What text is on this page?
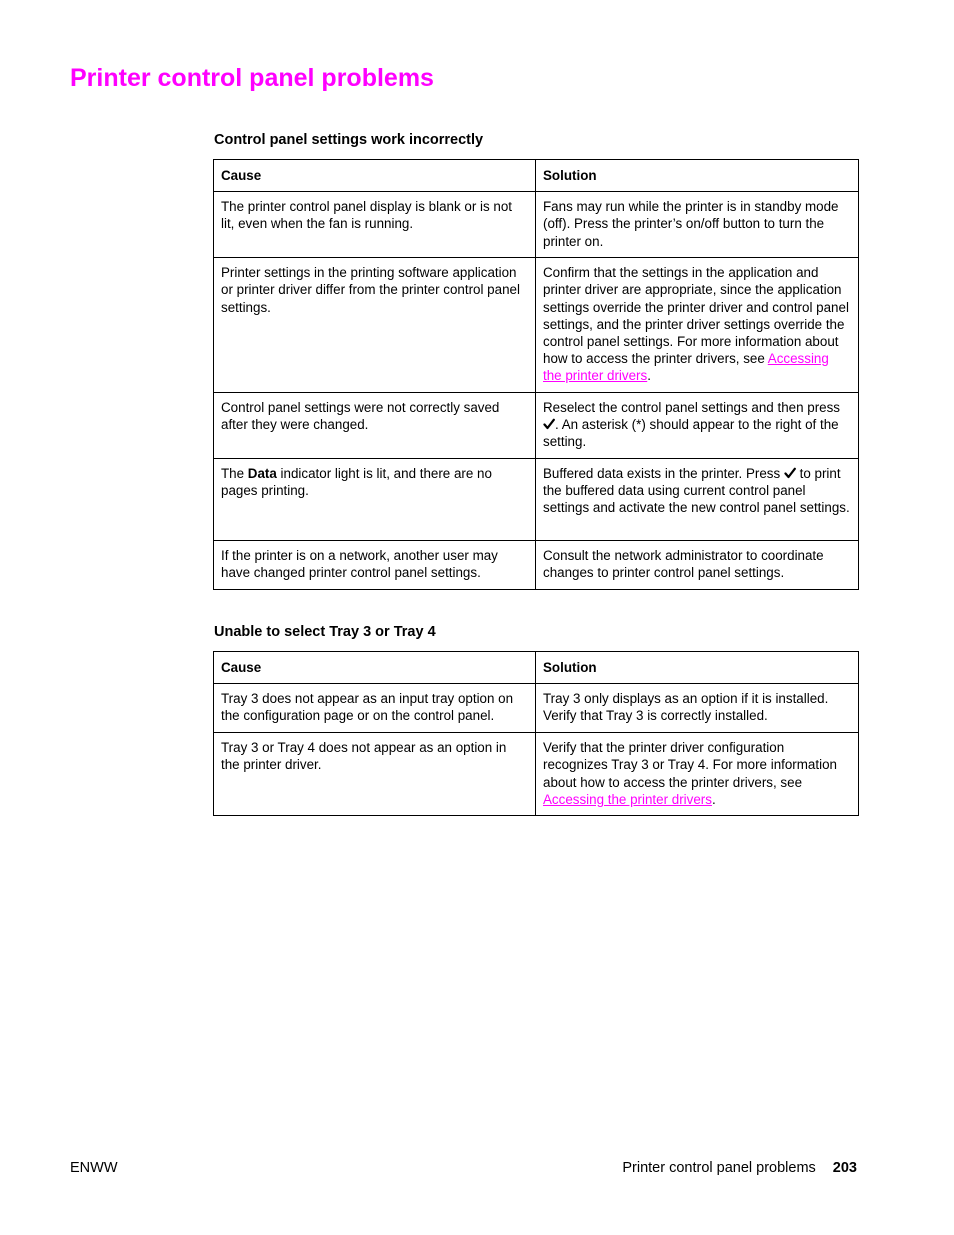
Printer control panel problems
Control panel settings work incorrectly
Cause	Solution
The printer control panel display is blank or is not lit, even when the fan is running.	Fans may run while the printer is in standby mode (off). Press the printer’s on/off button to turn the printer on.
Printer settings in the printing software application or printer driver differ from the printer control panel settings.	Confirm that the settings in the application and printer driver are appropriate, since the application settings override the printer driver and control panel settings, and the printer driver settings override the control panel settings. For more information about how to access the printer drivers, see Accessing the printer drivers.
Control panel settings were not correctly saved after they were changed.	Reselect the control panel settings and then press . An asterisk (*) should appear to the right of the setting.
The Data indicator light is lit, and there are no pages printing.	Buffered data exists in the printer. Press  to print the buffered data using current control panel settings and activate the new control panel settings.
If the printer is on a network, another user may have changed printer control panel settings.	Consult the network administrator to coordinate changes to printer control panel settings.
Unable to select Tray 3 or Tray 4
Cause	Solution
Tray 3 does not appear as an input tray option on the configuration page or on the control panel.	Tray 3 only displays as an option if it is installed. Verify that Tray 3 is correctly installed.
Tray 3 or Tray 4 does not appear as an option in the printer driver.	Verify that the printer driver configuration recognizes Tray 3 or Tray 4. For more information about how to access the printer drivers, see Accessing the printer drivers.
ENWW	Printer control panel problems 203
